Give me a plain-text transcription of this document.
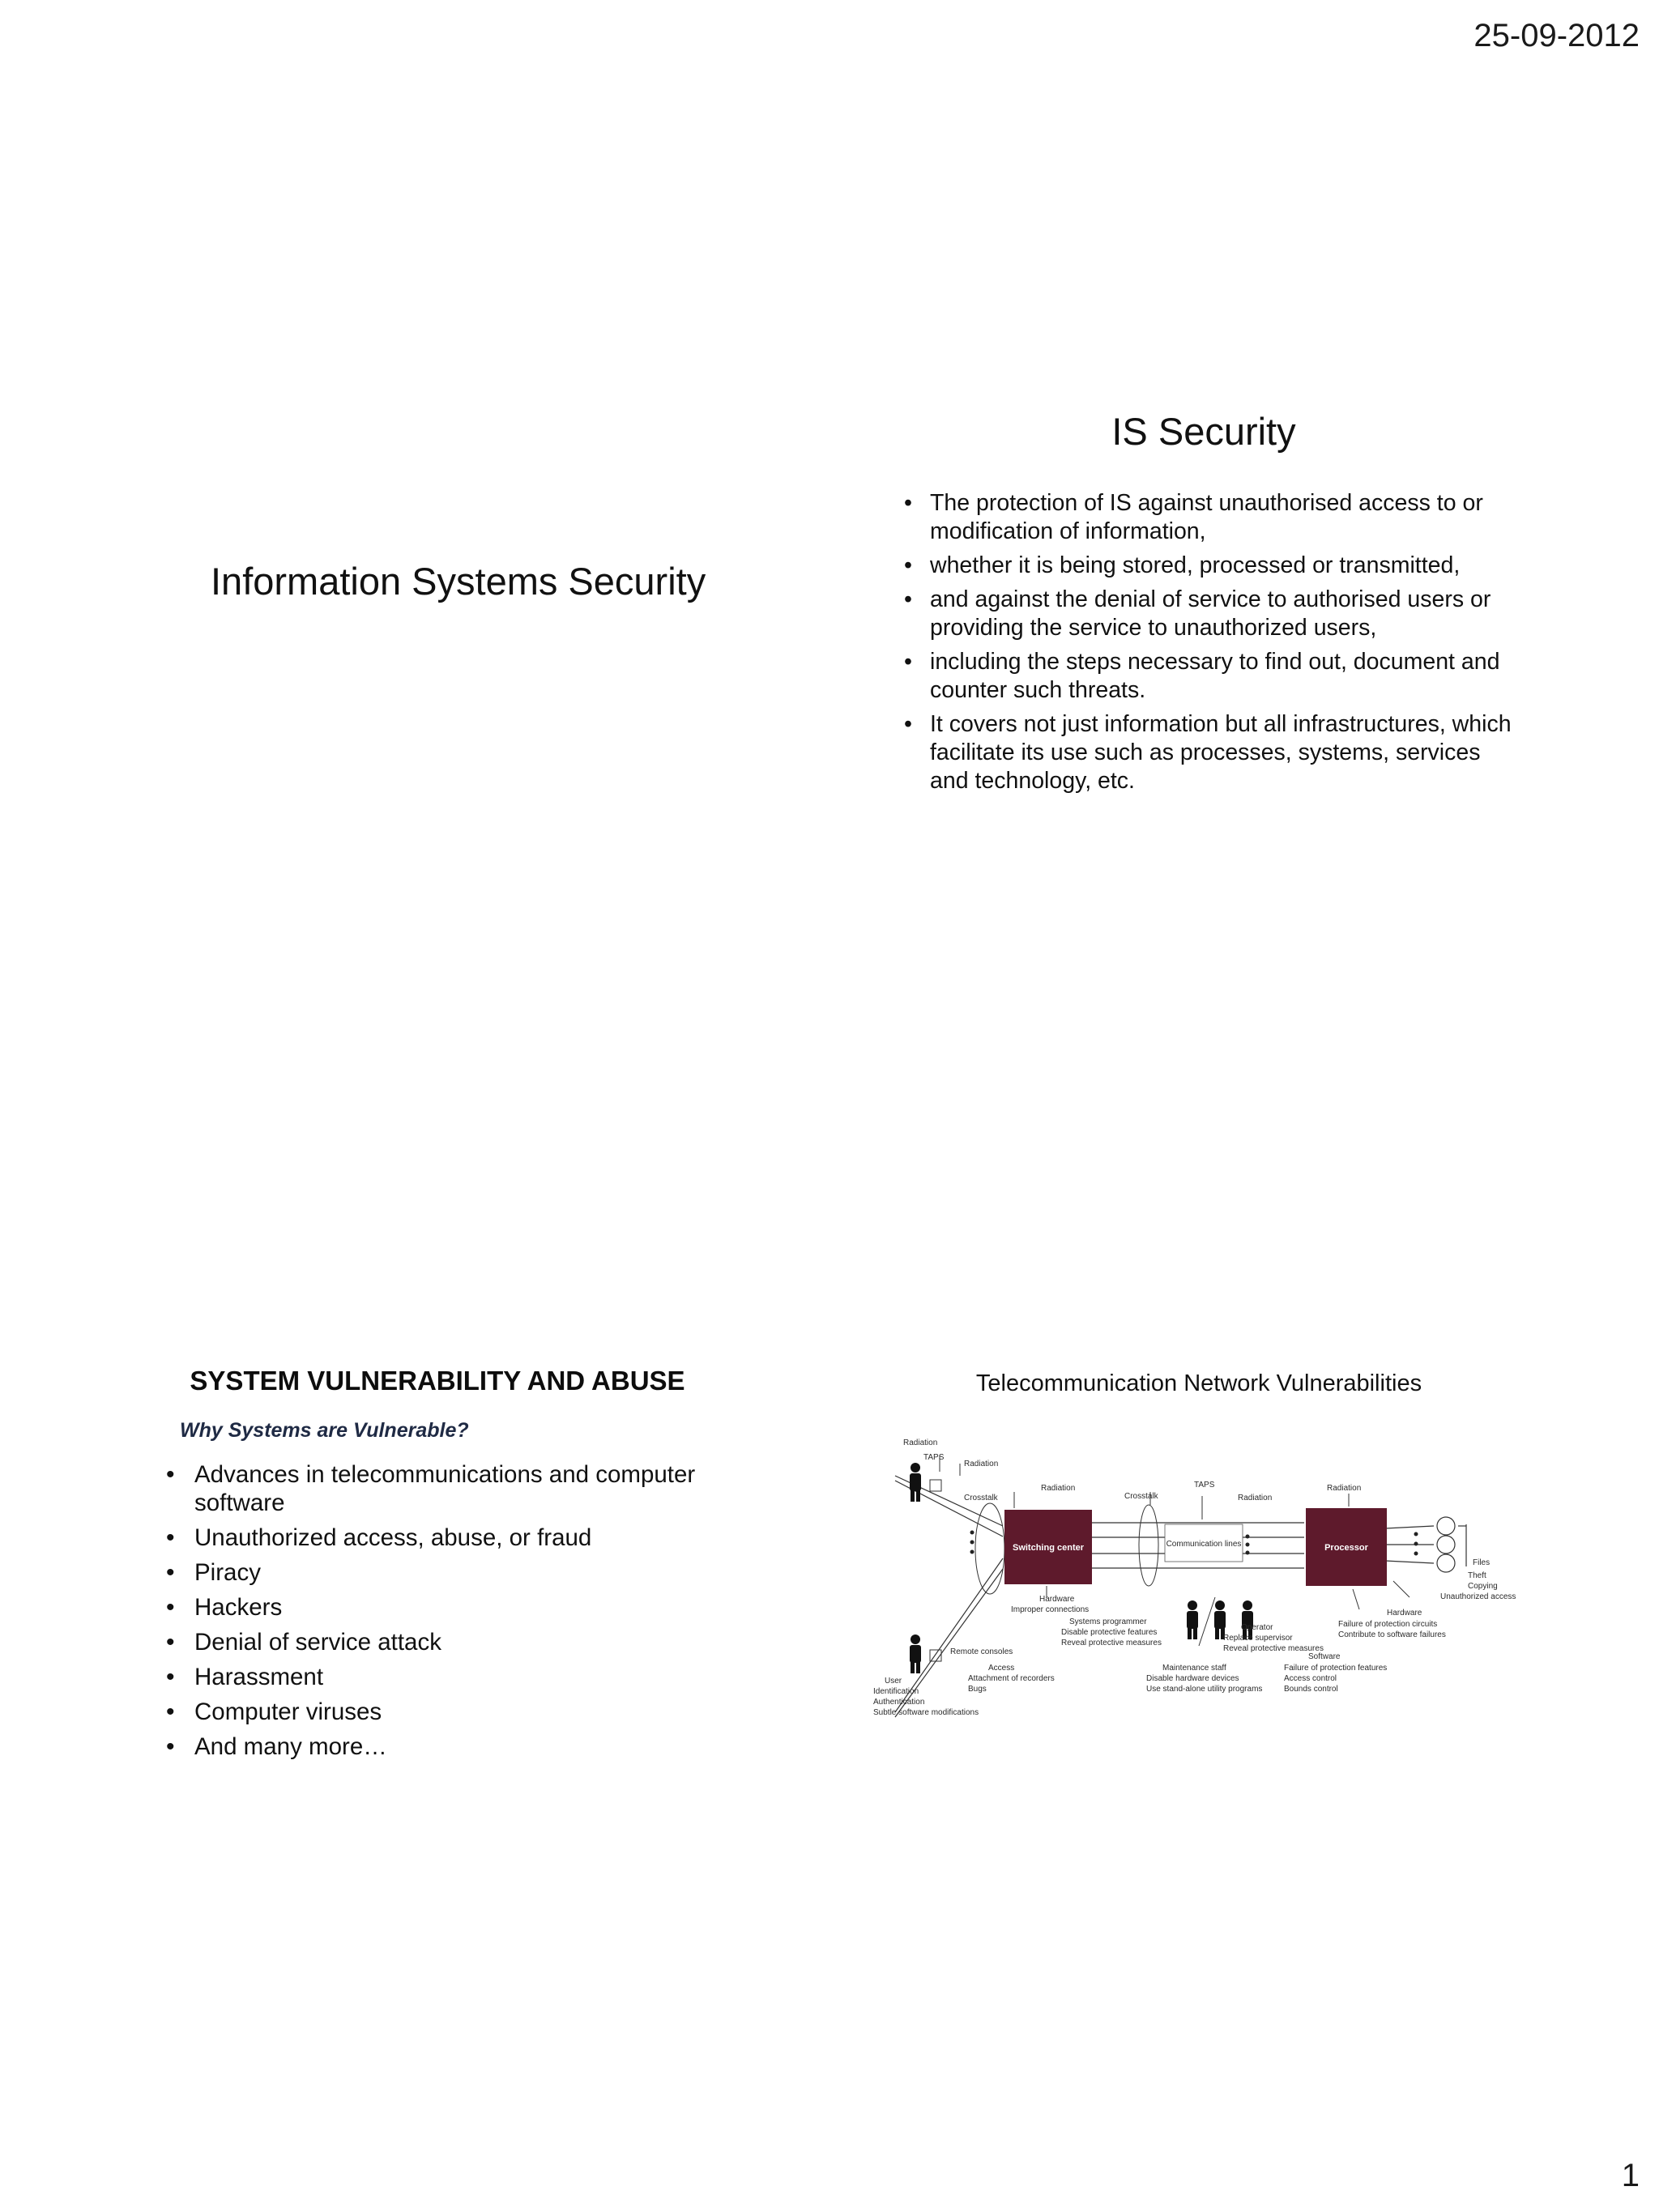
25-09-2012
1
Information Systems Security
IS Security
• The protection of IS against unauthorised access to or modification of information,
• whether it is being stored, processed or transmitted,
• and against the denial of service to authorised users or providing the service to unauthorized users,
• including the steps necessary to find out, document and counter such threats.
• It covers not just information but all infrastructures, which facilitate its use such as processes, systems, services and technology, etc.
SYSTEM VULNERABILITY AND ABUSE
Why Systems are Vulnerable?
• Advances in telecommunications and computer software
• Unauthorized access, abuse, or fraud
• Piracy
• Hackers
• Denial of service attack
• Harassment
• Computer viruses
• And many more…
Telecommunication Network Vulnerabilities
Communication lines
Switching center	Processor
Radiation
TAPS
Radiation
Crosstalk
Radiation
Crosstalk
TAPS
Radiation
Radiation
Hardware
Improper connections
Systems programmer
Disable protective features
Reveal protective measures
Remote consoles
Access
Attachment of recorders
Bugs
User
Identification
Authentication
Subtle software modifications
Maintenance staff
Disable hardware devices
Use stand-alone utility programs
Operator
Replace supervisor
Reveal protective measures
Hardware
Failure of protection circuits
Contribute to software failures
Software
Failure of protection features
Access control
Bounds control
Files
Theft
Copying
Unauthorized access
